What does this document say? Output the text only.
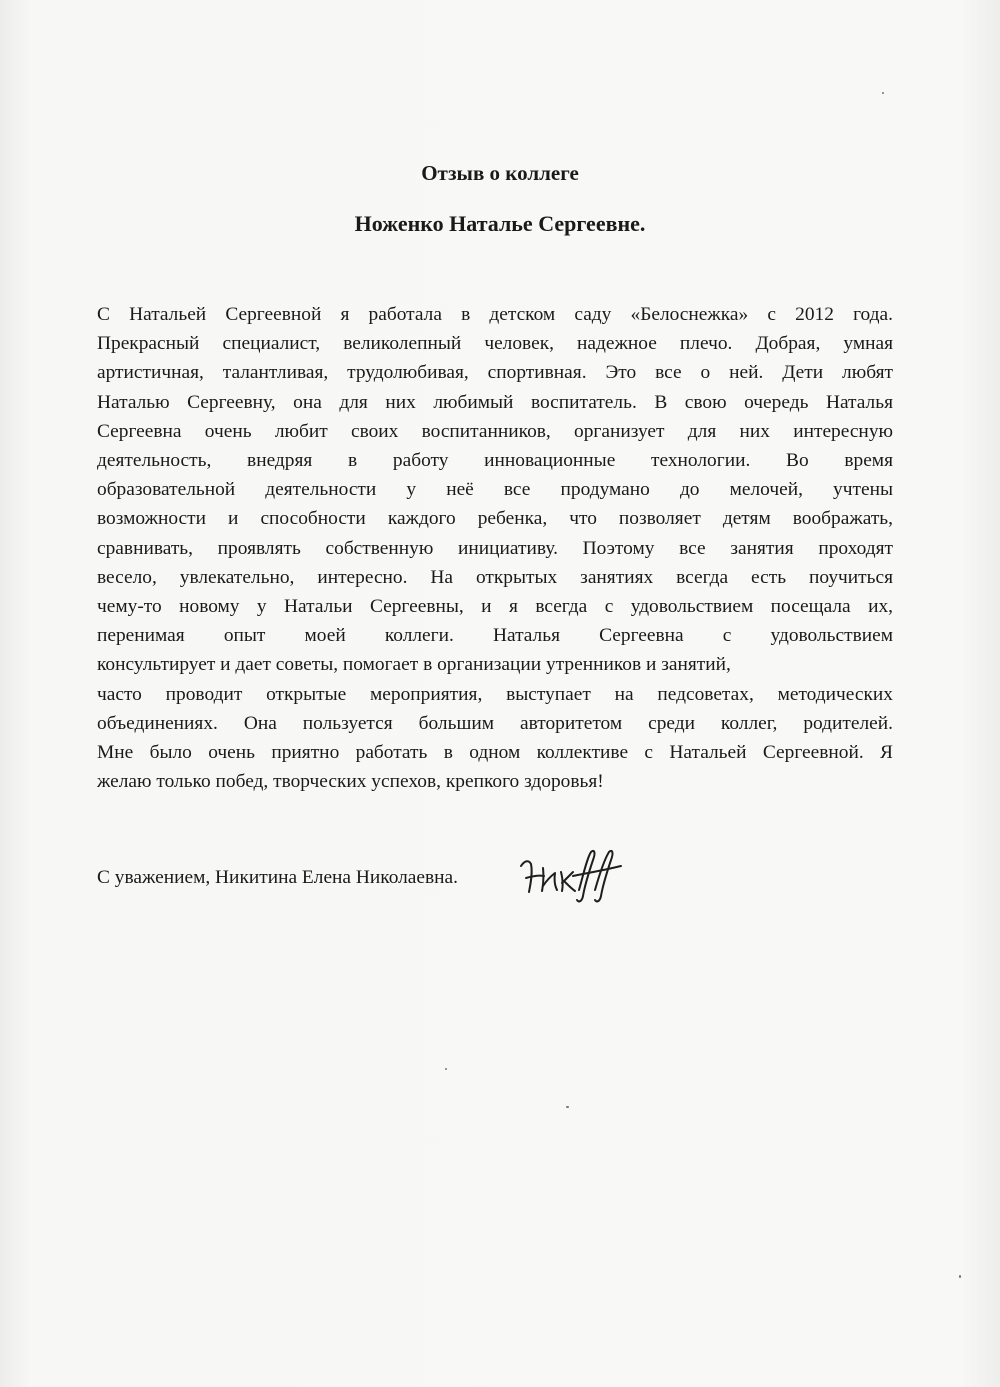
Отзыв о коллеге
Ноженко Наталье Сергеевне.
С Натальей Сергеевной я работала в детском саду «Белоснежка» с 2012 года.
Прекрасный специалист, великолепный человек, надежное плечо. Добрая, умная
артистичная, талантливая, трудолюбивая, спортивная. Это все о ней. Дети любят
Наталью Сергеевну, она для них любимый воспитатель. В свою очередь Наталья
Сергеевна очень любит своих воспитанников, организует для них интересную
деятельность, внедряя в работу инновационные технологии. Во время
образовательной деятельности у неё все продумано до мелочей, учтены
возможности и способности каждого ребенка, что позволяет детям воображать,
сравнивать, проявлять собственную инициативу. Поэтому все занятия проходят
весело, увлекательно, интересно. На открытых занятиях всегда есть поучиться
чему-то новому у Натальи Сергеевны, и я всегда с удовольствием посещала их,
перенимая опыт моей коллеги. Наталья Сергеевна с удовольствием
консультирует и дает советы, помогает в организации утренников и занятий,
часто проводит открытые мероприятия, выступает на педсоветах, методических
объединениях. Она пользуется большим авторитетом среди коллег, родителей.
Мне было очень приятно работать в одном коллективе с Натальей Сергеевной. Я
желаю только побед, творческих успехов, крепкого здоровья!
С уважением, Никитина Елена Николаевна.
